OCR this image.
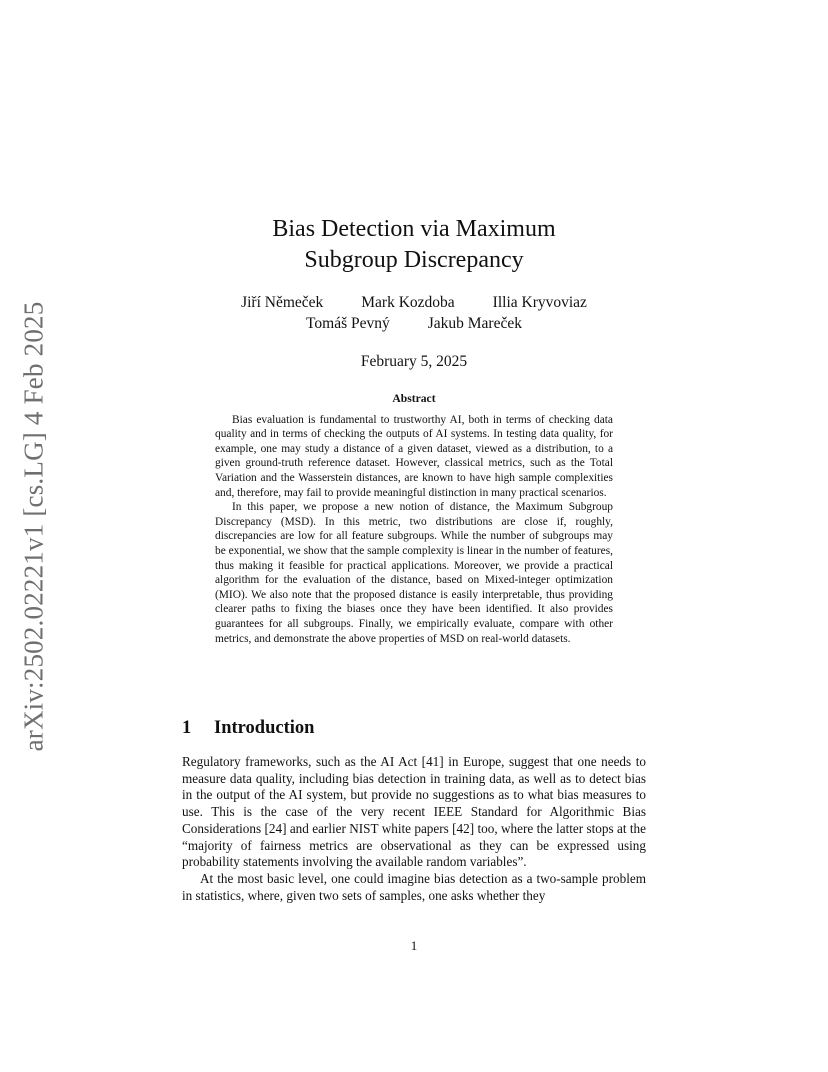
arXiv:2502.02221v1 [cs.LG] 4 Feb 2025
Bias Detection via Maximum Subgroup Discrepancy
Jiří Němeček Mark Kozdoba Illia Kryvoviaz
Tomáš Pevný Jakub Mareček
February 5, 2025
Abstract

Bias evaluation is fundamental to trustworthy AI, both in terms of checking data quality and in terms of checking the outputs of AI systems. In testing data quality, for example, one may study a distance of a given dataset, viewed as a distribution, to a given ground-truth reference dataset. However, classical metrics, such as the Total Variation and the Wasserstein distances, are known to have high sample complexities and, therefore, may fail to provide meaningful distinction in many practical scenarios.

In this paper, we propose a new notion of distance, the Maximum Subgroup Discrepancy (MSD). In this metric, two distributions are close if, roughly, discrepancies are low for all feature subgroups. While the number of subgroups may be exponential, we show that the sample complexity is linear in the number of features, thus making it feasible for practical applications. Moreover, we provide a practical algorithm for the evaluation of the distance, based on Mixed-integer optimization (MIO). We also note that the proposed distance is easily interpretable, thus providing clearer paths to fixing the biases once they have been identified. It also provides guarantees for all subgroups. Finally, we empirically evaluate, compare with other metrics, and demonstrate the above properties of MSD on real-world datasets.

1 Introduction

Regulatory frameworks, such as the AI Act [41] in Europe, suggest that one needs to measure data quality, including bias detection in training data, as well as to detect bias in the output of the AI system, but provide no suggestions as to what bias measures to use. This is the case of the very recent IEEE Standard for Algorithmic Bias Considerations [24] and earlier NIST white papers [42] too, where the latter stops at the “majority of fairness metrics are observational as they can be expressed using probability statements involving the available random variables”.

At the most basic level, one could imagine bias detection as a two-sample problem in statistics, where, given two sets of samples, one asks whether they

1
